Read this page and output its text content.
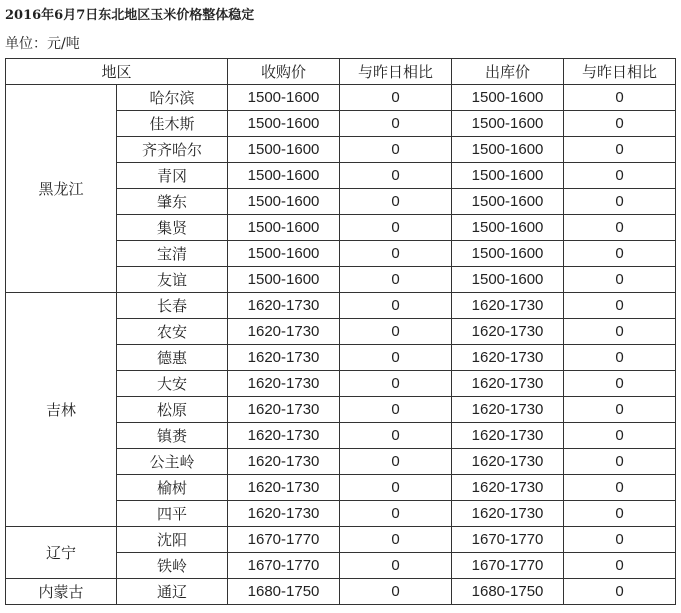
2016年6月7日东北地区玉米价格整体稳定
单位：元/吨
地区		收购价	与昨日相比	出库价	与昨日相比
黑龙江	哈尔滨	1500-1600	0	1500-1600	0
	佳木斯	1500-1600	0	1500-1600	0
	齐齐哈尔	1500-1600	0	1500-1600	0
	青冈	1500-1600	0	1500-1600	0
	肇东	1500-1600	0	1500-1600	0
	集贤	1500-1600	0	1500-1600	0
	宝清	1500-1600	0	1500-1600	0
	友谊	1500-1600	0	1500-1600	0
吉林	长春	1620-1730	0	1620-1730	0
	农安	1620-1730	0	1620-1730	0
	德惠	1620-1730	0	1620-1730	0
	大安	1620-1730	0	1620-1730	0
	松原	1620-1730	0	1620-1730	0
	镇赉	1620-1730	0	1620-1730	0
	公主岭	1620-1730	0	1620-1730	0
	榆树	1620-1730	0	1620-1730	0
	四平	1620-1730	0	1620-1730	0
辽宁	沈阳	1670-1770	0	1670-1770	0
	铁岭	1670-1770	0	1670-1770	0
内蒙古	通辽	1680-1750	0	1680-1750	0
